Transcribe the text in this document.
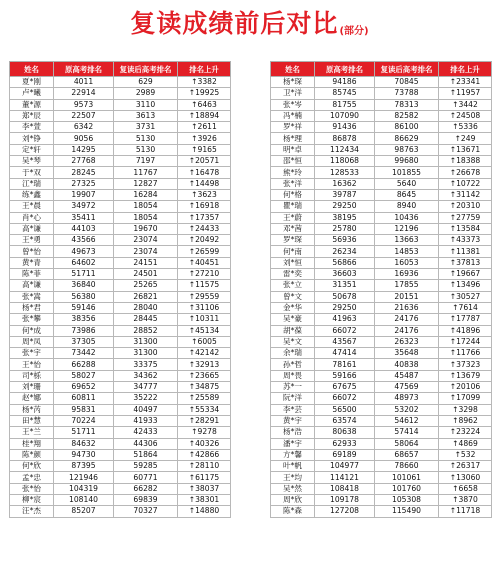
复读成绩前后对比(部分)
姓名	原高考排名	复读后高考排名	排名上升
夏*刚	4011	629	↑3382
卢*曦	22914	2989	↑19925
董*源	9573	3110	↑6463
郑*辰	22507	3613	↑18894
李*萱	6342	3731	↑2611
刘*铮	9056	5130	↑3926
定*轩	14295	5130	↑9165
吴*琴	27768	7197	↑20571
于*双	28245	11767	↑16478
江*瑞	27325	12827	↑14498
练*鑫	19907	16284	↑3623
王*晨	34972	18054	↑16918
肖*心	35411	18054	↑17357
高*谦	44103	19670	↑24433
王*勇	43566	23074	↑20492
曾*怡	49673	23074	↑26599
黄*青	64602	24151	↑40451
陈*菲	51711	24501	↑27210
高*谦	36840	25265	↑11575
张*嵩	56380	26821	↑29559
杨*君	59146	28040	↑31106
张*攀	38356	28445	↑10311
何*成	73986	28852	↑45134
周*凤	37305	31300	↑6005
张*宇	73442	31300	↑42142
王*怡	66288	33375	↑32913
司*栎	58027	34362	↑23665
刘*珊	69652	34777	↑34875
赵*娜	60811	35222	↑25589
杨*芮	95831	40497	↑55334
田*慧	70224	41933	↑28291
王*兰	51711	42433	↑9278
桂*翔	84632	44306	↑40326
陈*颜	94730	51864	↑42866
何*欣	87395	59285	↑28110
孟*忠	121946	60771	↑61175
张*怡	104319	66282	↑38037
柳*宸	108140	69839	↑38301
汪*杰	85207	70327	↑14880
姓名	原高考排名	复读后高考排名	排名上升
杨*琛	94186	70845	↑23341
卫*洋	85745	73788	↑11957
张*岑	81755	78313	↑3442
冯*楠	107090	82582	↑24508
罗*祥	91436	86100	↑5336
杨*理	86878	86629	↑249
明*卓	112434	98763	↑13671
邵*恒	118068	99680	↑18388
熊*玲	128533	101855	↑26678
张*洋	16362	5640	↑10722
何*格	39787	8645	↑31142
瞿*瑞	29250	8940	↑20310
王*蔚	38195	10436	↑27759
邓*茜	25780	12196	↑13584
罗*琛	56936	13663	↑43373
何*南	26234	14853	↑11381
刘*恒	56866	16053	↑37813
雷*奕	36603	16936	↑19667
张*立	31351	17855	↑13496
曾*文	50678	20151	↑30527
金*华	29250	21636	↑7614
吴*豪	41963	24176	↑17787
胡*葆	66072	24176	↑41896
吴*文	43567	26323	↑17244
余*瑞	47414	35648	↑11766
孙*哲	78161	40838	↑37323
周*畏	59166	45487	↑13679
苏*一	67675	47569	↑20106
阮*洋	66072	48973	↑17099
李*芸	56500	53202	↑3298
黄*宇	63574	54612	↑8962
杨*浩	80638	57414	↑23224
潘*宇	62933	58064	↑4869
方*馨	69189	68657	↑532
叶*帆	104977	78660	↑26317
王*均	114121	101061	↑13060
吴*然	108418	101760	↑6658
周*欣	109178	105308	↑3870
陈*森	127208	115490	↑11718
